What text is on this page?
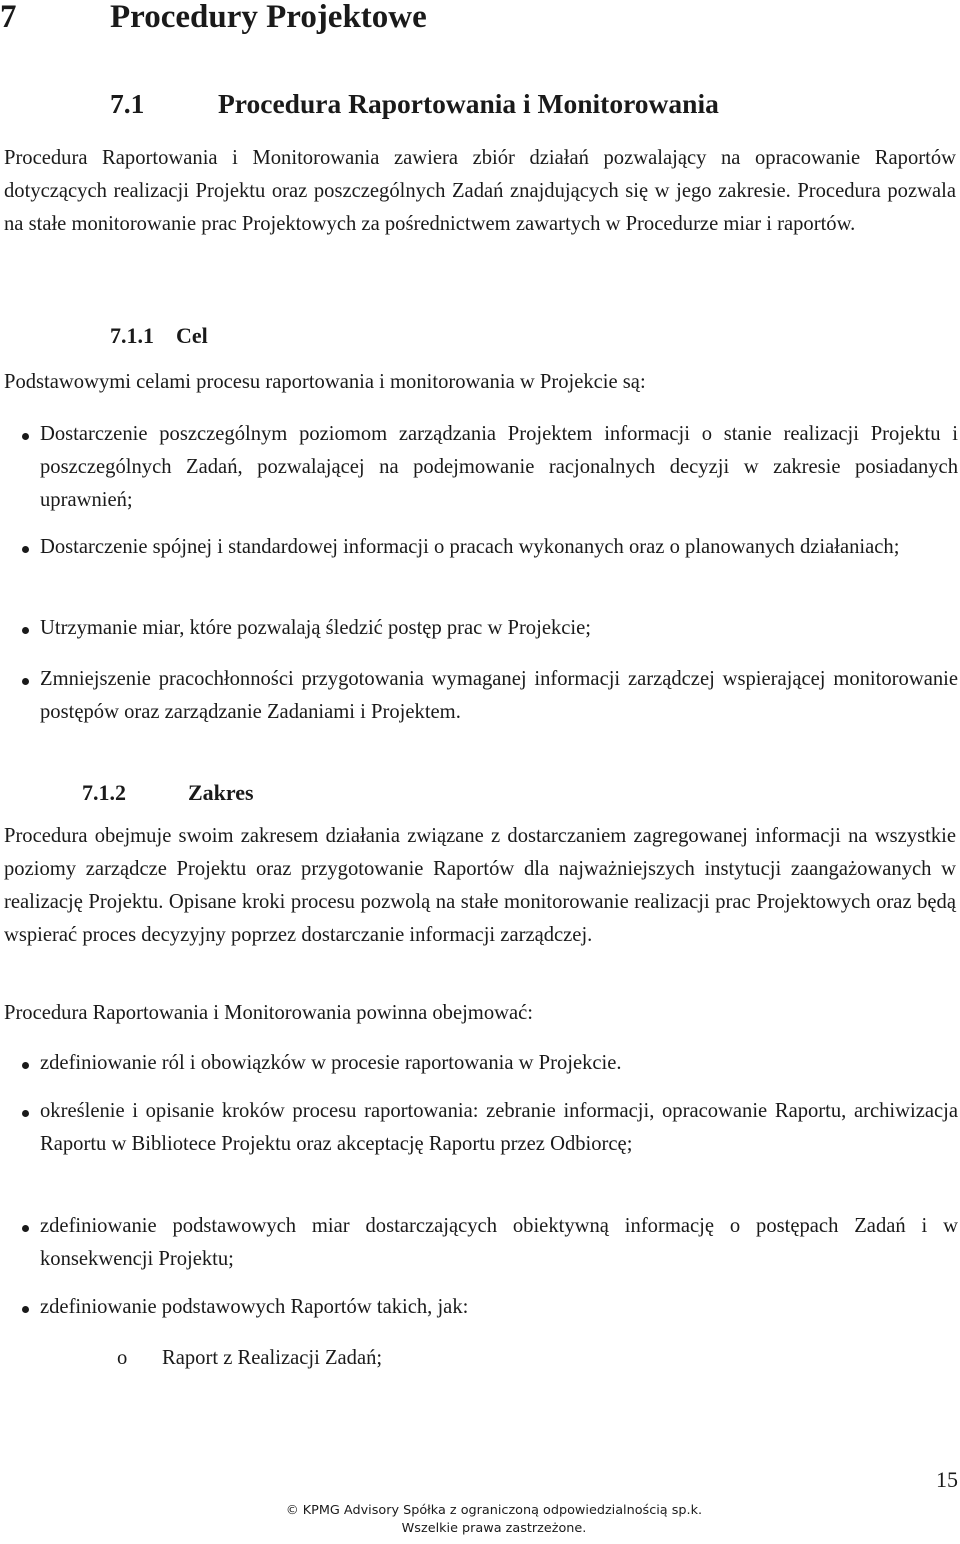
7	Procedury Projektowe
7.1	Procedura Raportowania i Monitorowania

Procedura Raportowania i Monitorowania zawiera zbiór działań pozwalający na opracowanie Raportów dotyczących realizacji Projektu oraz poszczególnych Zadań znajdujących się w jego zakresie. Procedura pozwala na stałe monitorowanie prac Projektowych za pośrednictwem zawartych w Procedurze miar i raportów.

7.1.1 Cel

Podstawowymi celami procesu raportowania i monitorowania w Projekcie są:

Dostarczenie poszczególnym poziomom zarządzania Projektem informacji o stanie realizacji Projektu i poszczególnych Zadań, pozwalającej na podejmowanie racjonalnych decyzji w zakresie posiadanych uprawnień;
Dostarczenie spójnej i standardowej informacji o pracach wykonanych oraz o planowanych działaniach;
Utrzymanie miar, które pozwalają śledzić postęp prac w Projekcie;
Zmniejszenie pracochłonności przygotowania wymaganej informacji zarządczej wspierającej monitorowanie postępów oraz zarządzanie Zadaniami i Projektem.
7.1.2	Zakres

Procedura obejmuje swoim zakresem działania związane z dostarczaniem zagregowanej informacji na wszystkie poziomy zarządcze Projektu oraz przygotowanie Raportów dla najważniejszych instytucji zaangażowanych w realizację Projektu. Opisane kroki procesu pozwolą na stałe monitorowanie realizacji prac Projektowych oraz będą wspierać proces decyzyjny poprzez dostarczanie informacji zarządczej.

Procedura Raportowania i Monitorowania powinna obejmować:

zdefiniowanie ról i obowiązków w procesie raportowania w Projekcie.
określenie i opisanie kroków procesu raportowania: zebranie informacji, opracowanie Raportu, archiwizacja Raportu w Bibliotece Projektu oraz akceptację Raportu przez Odbiorcę;
zdefiniowanie podstawowych miar dostarczających obiektywną informację o postępach Zadań i w konsekwencji Projektu;
zdefiniowanie podstawowych Raportów takich, jak:
o Raport z Realizacji Zadań;
15
© KPMG Advisory Spółka z ograniczoną odpowiedzialnością sp.k.
Wszelkie prawa zastrzeżone.
